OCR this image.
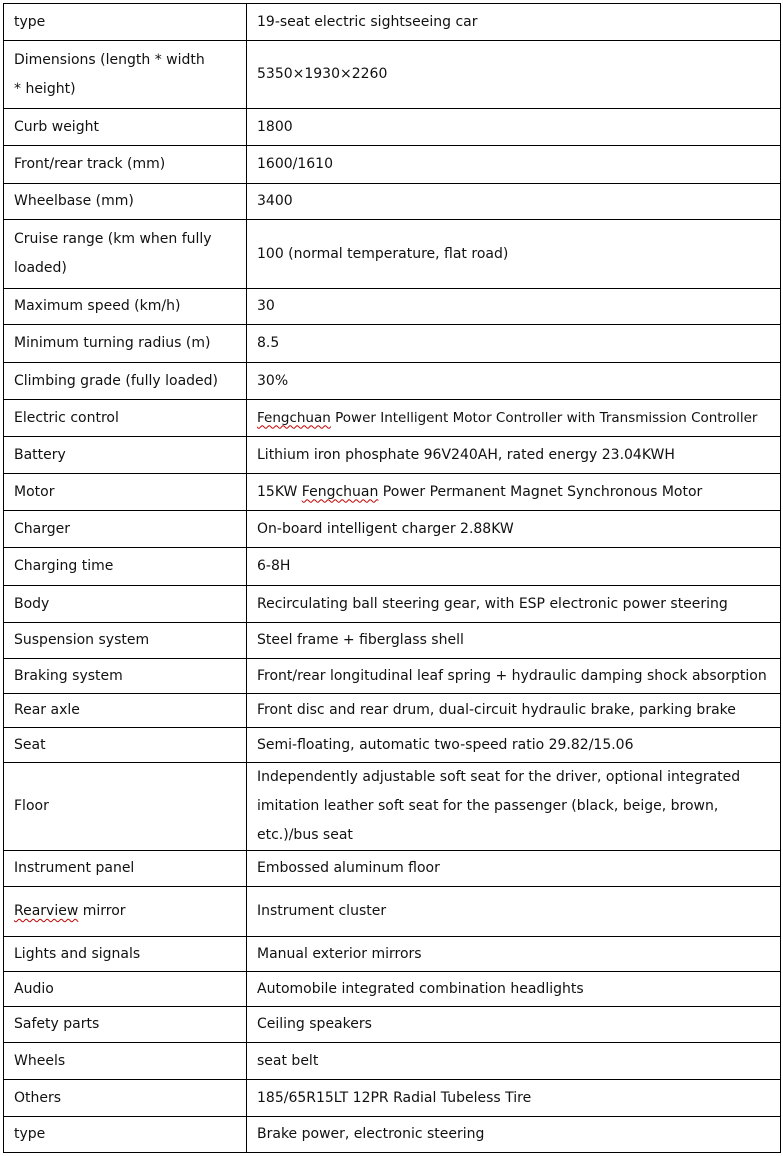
type	19-seat electric sightseeing car
Dimensions (length * width * height)	5350×1930×2260
Curb weight	1800
Front/rear track (mm)	1600/1610
Wheelbase (mm)	3400
Cruise range (km when fully loaded)	100 (normal temperature, flat road)
Maximum speed (km/h)	30
Minimum turning radius (m)	8.5
Climbing grade (fully loaded)	30%
Electric control	Fengchuan Power Intelligent Motor Controller with Transmission Controller
Battery	Lithium iron phosphate 96V240AH, rated energy 23.04KWH
Motor	15KW Fengchuan Power Permanent Magnet Synchronous Motor
Charger	On-board intelligent charger 2.88KW
Charging time	6-8H
Body	Recirculating ball steering gear, with ESP electronic power steering
Suspension system	Steel frame + fiberglass shell
Braking system	Front/rear longitudinal leaf spring + hydraulic damping shock absorption
Rear axle	Front disc and rear drum, dual-circuit hydraulic brake, parking brake
Seat	Semi-floating, automatic two-speed ratio 29.82/15.06
Floor	Independently adjustable soft seat for the driver, optional integrated imitation leather soft seat for the passenger (black, beige, brown, etc.)/bus seat
Instrument panel	Embossed aluminum floor
Rearview mirror	Instrument cluster
Lights and signals	Manual exterior mirrors
Audio	Automobile integrated combination headlights
Safety parts	Ceiling speakers
Wheels	seat belt
Others	185/65R15LT 12PR Radial Tubeless Tire
type	Brake power, electronic steering
